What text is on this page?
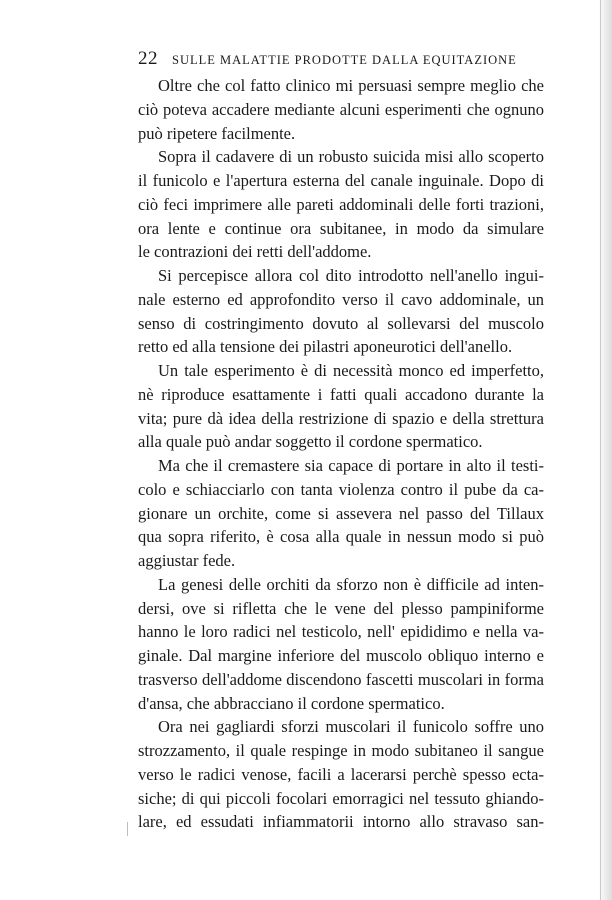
22 SULLE MALATTIE PRODOTTE DALLA EQUITAZIONE
Oltre che col fatto clinico mi persuasi sempre meglio che
ciò poteva accadere mediante alcuni esperimenti che ognuno
può ripetere facilmente.
Sopra il cadavere di un robusto suicida misi allo scoperto
il funicolo e l'apertura esterna del canale inguinale. Dopo di
ciò feci imprimere alle pareti addominali delle forti trazioni,
ora lente e continue ora subitanee, in modo da simulare
le contrazioni dei retti dell'addome.
Si percepisce allora col dito introdotto nell'anello ingui-
nale esterno ed approfondito verso il cavo addominale, un
senso di costringimento dovuto al sollevarsi del muscolo
retto ed alla tensione dei pilastri aponeurotici dell'anello.
Un tale esperimento è di necessità monco ed imperfetto,
nè riproduce esattamente i fatti quali accadono durante la
vita; pure dà idea della restrizione di spazio e della strettura
alla quale può andar soggetto il cordone spermatico.
Ma che il cremastere sia capace di portare in alto il testi-
colo e schiacciarlo con tanta violenza contro il pube da ca-
gionare un orchite, come si assevera nel passo del Tillaux
qua sopra riferito, è cosa alla quale in nessun modo si può
aggiustar fede.
La genesi delle orchiti da sforzo non è difficile ad inten-
dersi, ove si rifletta che le vene del plesso pampiniforme
hanno le loro radici nel testicolo, nell' epididimo e nella va-
ginale. Dal margine inferiore del muscolo obliquo interno e
trasverso dell'addome discendono fascetti muscolari in forma
d'ansa, che abbracciano il cordone spermatico.
Ora nei gagliardi sforzi muscolari il funicolo soffre uno
strozzamento, il quale respinge in modo subitaneo il sangue
verso le radici venose, facili a lacerarsi perchè spesso ecta-
siche; di qui piccoli focolari emorragici nel tessuto ghiando-
lare, ed essudati infiammatorii intorno allo stravaso san-
